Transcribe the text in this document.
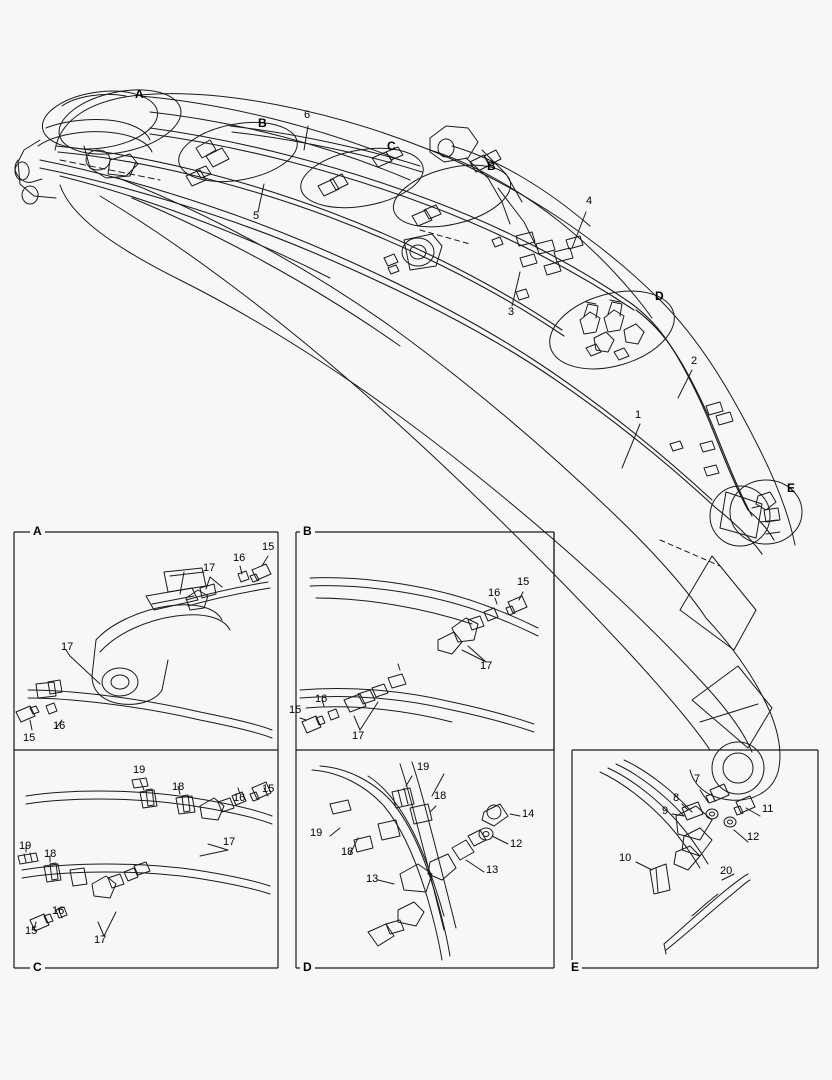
A
B
C
B
D
E
6
5
4
3
2
1
A
17
16
15
17
16
15
B
16
15
17
15
16
17
C
19
18
16
15
19
18
17
16
15
17
D
19
18
14
19
12
18
13
13
E
7
8
11
9
12
10
20
